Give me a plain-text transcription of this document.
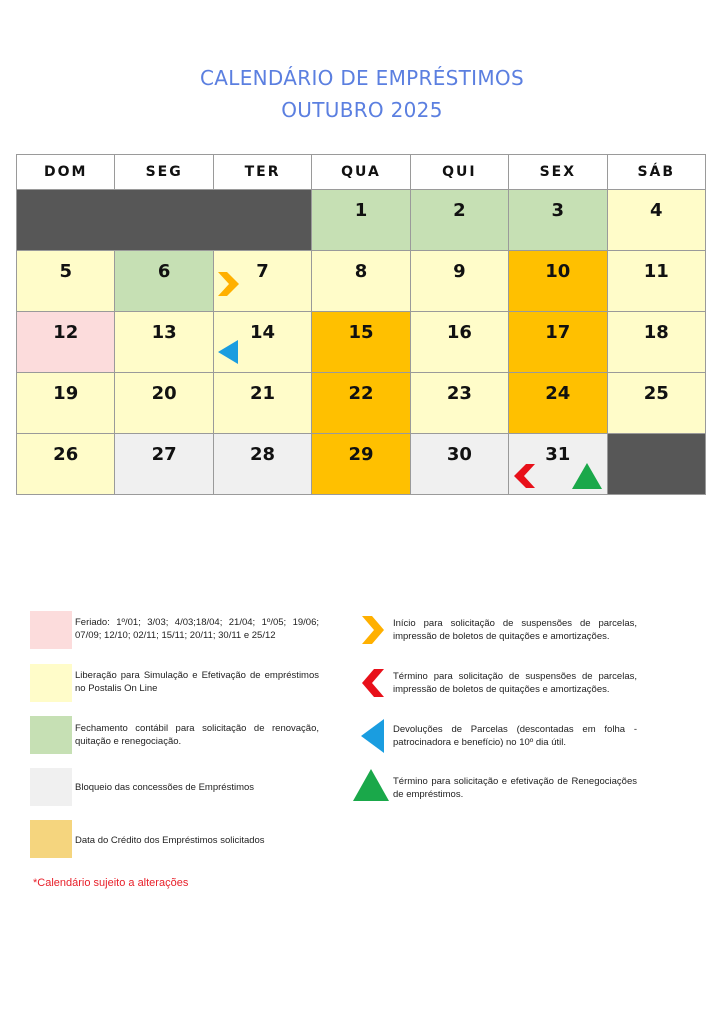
CALENDÁRIO DE EMPRÉSTIMOS
OUTUBRO 2025
DOM	SEG	TER	QUA	QUI	SEX	SÁB

			1	2	3	4

5	6	7	8	9	10	11

12	13	14	15	16	17	18

19	20	21	22	23	24	25

26	27	28	29	30	31	

Feriado: 1º/01; 3/03; 4/03;18/04; 21/04; 1º/05; 19/06; 07/09; 12/10; 02/11; 15/11; 20/11; 30/11 e 25/12
Liberação para Simulação e Efetivação de empréstimos no Postalis On Line
Fechamento contábil para solicitação de renovação, quitação e renegociação.
Bloqueio das concessões de Empréstimos
Data do Crédito dos Empréstimos solicitados
Início para solicitação de suspensões de parcelas, impressão de boletos de quitações e amortizações.
Término para solicitação de suspensões de parcelas, impressão de boletos de quitações e amortizações.
Devoluções de Parcelas (descontadas em folha - patrocinadora e benefício) no 10º dia útil.
Término para solicitação e efetivação de Renegociações de empréstimos.
*Calendário sujeito a alterações
